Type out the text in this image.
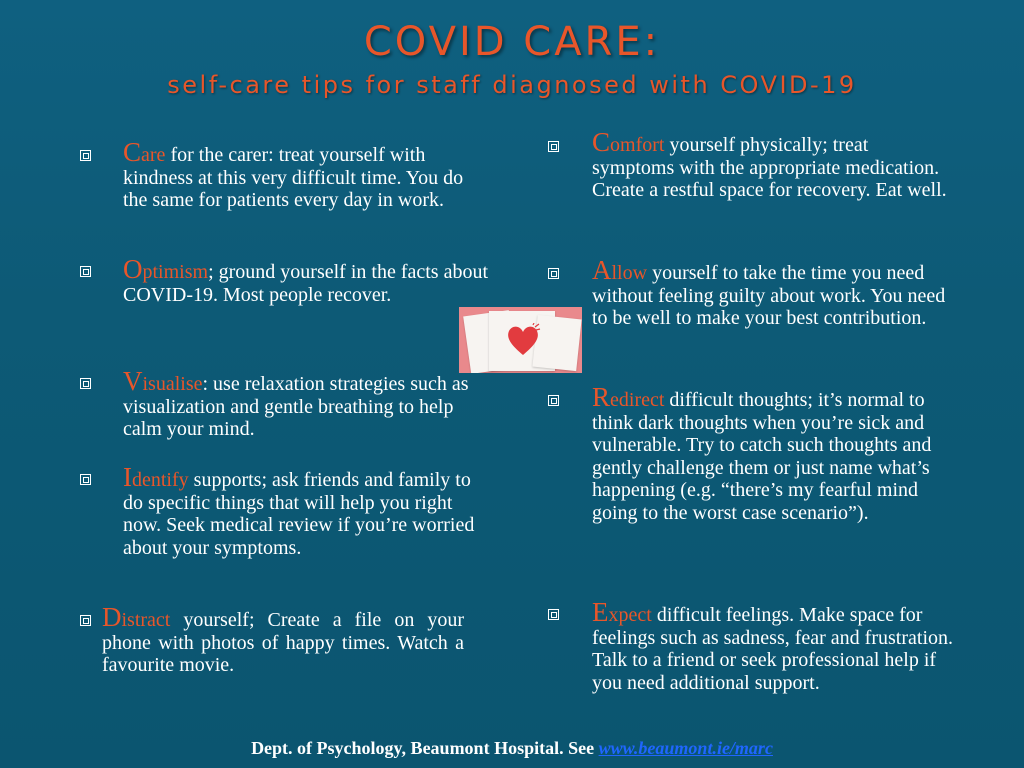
COVID CARE:
self-care tips for staff diagnosed with COVID-19
Care for the carer: treat yourself with kindness at this very difficult time. You do the same for patients every day in work.
Optimism; ground yourself in the facts about COVID-19. Most people recover.
Visualise: use relaxation strategies such as visualization and gentle breathing to help calm your mind.
Identify supports; ask friends and family to do specific things that will help you right now. Seek medical review if you’re worried about your symptoms.
Distract yourself; Create a file on your phone with photos of happy times. Watch a favourite movie.
Comfort yourself physically; treat symptoms with the appropriate medication. Create a restful space for recovery. Eat well.
Allow yourself to take the time you need without feeling guilty about work. You need to be well to make your best contribution.
Redirect difficult thoughts; it’s normal to think dark thoughts when you’re sick and vulnerable. Try to catch such thoughts and gently challenge them or just name what’s happening (e.g. “there’s my fearful mind going to the worst case scenario”).
Expect difficult feelings. Make space for feelings such as sadness, fear and frustration. Talk to a friend or seek professional help if you need additional support.
Dept. of Psychology, Beaumont Hospital. See www.beaumont.ie/marc
